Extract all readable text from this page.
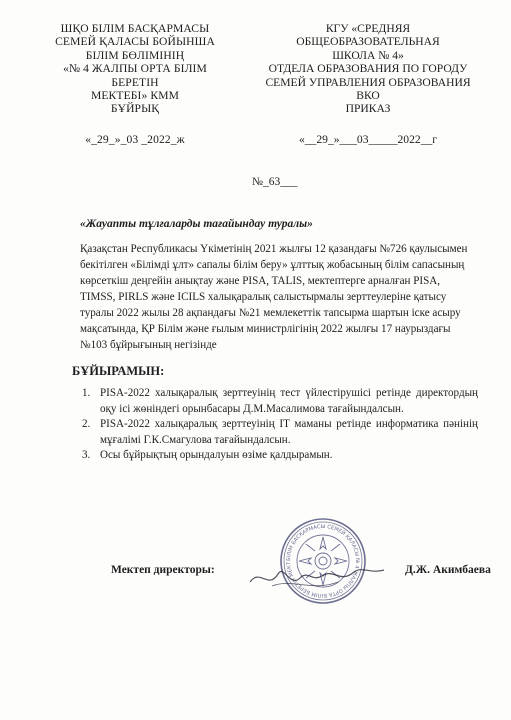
ШҚО БІЛІМ БАСҚАРМАСЫ
СЕМЕЙ ҚАЛАСЫ БОЙЫНША
БІЛІМ БӨЛІМІНІҢ
«№ 4 ЖАЛПЫ ОРТА БІЛІМ
БЕРЕТІН
МЕКТЕБІ» КММ
БҰЙРЫҚ
«_29_»_03 _2022_ж
КГУ «СРЕДНЯЯ
ОБЩЕОБРАЗОВАТЕЛЬНАЯ
ШКОЛА № 4»
ОТДЕЛА ОБРАЗОВАНИЯ ПО ГОРОДУ
СЕМЕЙ УПРАВЛЕНИЯ ОБРАЗОВАНИЯ
ВКО
ПРИКАЗ
«__29_»___03_____2022__г
№_63___
«Жауапты тұлғаларды тағайындау туралы»
Қазақстан Республикасы Үкіметінің 2021 жылғы 12 қазандағы №726 қаулысымен бекітілген «Білімді ұлт» сапалы білім беру» ұлттық жобасының білім сапасының көрсеткіш деңгейін анықтау және PISA, TALIS, мектептерге арналған PISA, TIMSS, PIRLS және ICILS халықаралық салыстырмалы зерттеулеріне қатысу туралы 2022 жылы 28 ақпандағы №21 мемлекеттік тапсырма шартын іске асыру мақсатында, ҚР Білім және ғылым министрлігінің 2022 жылғы 17 наурыздағы №103 бұйрығының негізінде
БҰЙЫРАМЫН:
1. PISA-2022 халықаралық зерттеуінің тест үйлестірушісі ретінде директордың оқу ісі жөніндегі орынбасары Д.М.Масалимова тағайындалсын.
2. PISA-2022 халықаралық зерттеуінің IT маманы ретінде информатика пәнінің мұғалімі Г.К.Смагулова тағайындалсын.
3. Осы бұйрықтың орындалуын өзіме қалдырамын.
БІЛІМ БАСҚАРМАСЫ СЕМЕЙ ҚАЛАСЫ № 4 ЖАЛПЫ ОРТА БІЛІМ БЕРЕТІН МЕКТ
Мектеп директоры:	Д.Ж. Акимбаева
